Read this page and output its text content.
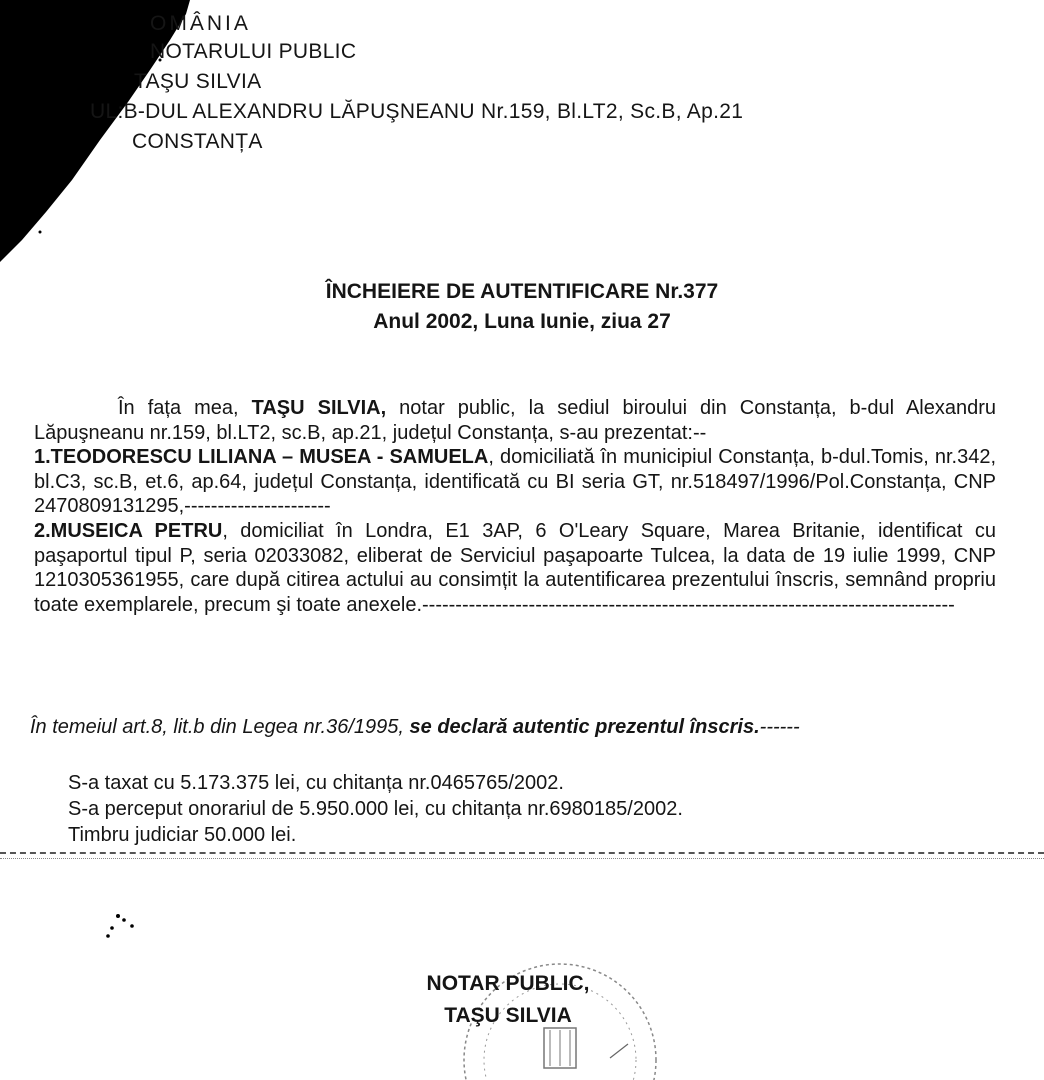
OMÂNIA
NOTARULUI PUBLIC
TAŞU SILVIA
UL:B-DUL ALEXANDRU LĂPUŞNEANU Nr.159, Bl.LT2, Sc.B, Ap.21
CONSTANȚA
ÎNCHEIERE DE AUTENTIFICARE Nr.377
Anul 2002, Luna Iunie, ziua 27

În fața mea, TAŞU SILVIA, notar public, la sediul biroului din Constanța, b-dul Alexandru Lăpuşneanu nr.159, bl.LT2, sc.B, ap.21, județul Constanța, s-au prezentat:--

1.TEODORESCU LILIANA – MUSEA - SAMUELA, domiciliată în municipiul Constanța, b-dul.Tomis, nr.342, bl.C3, sc.B, et.6, ap.64, județul Constanța, identificată cu BI seria GT, nr.518497/1996/Pol.Constanța, CNP 2470809131295,----------------------

2.MUSEICA PETRU, domiciliat în Londra, E1 3AP, 6 O'Leary Square, Marea Britanie, identificat cu paşaportul tipul P, seria 02033082, eliberat de Serviciul paşapoarte Tulcea, la data de 19 iulie 1999, CNP 1210305361955, care după citirea actului au consimțit la autentificarea prezentului înscris, semnând propriu toate exemplarele, precum şi toate anexele.--------------------------------------------------------------------------------

În temeiul art.8, lit.b din Legea nr.36/1995, se declară autentic prezentul înscris.------
S-a taxat cu 5.173.375 lei, cu chitanța nr.0465765/2002.
S-a perceput onorariul de 5.950.000 lei, cu chitanța nr.6980185/2002.
Timbru judiciar 50.000 lei.
NOTAR PUBLIC,
TAŞU SILVIA
